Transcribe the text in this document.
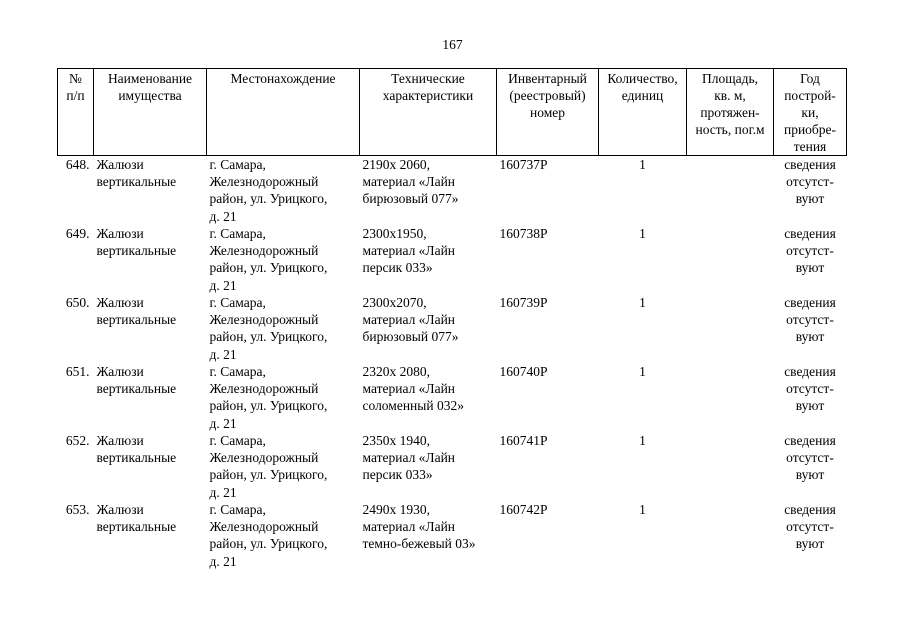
167
№
п/п	Наименование
имущества	Местонахождение	Технические
характеристики	Инвентарный
(реестровый)
номер	Количество,
единиц	Площадь,
кв. м,
протяжен-
ность, пог.м	Год
построй-
ки,
приобре-
тения

648.	Жалюзи
вертикальные	г. Самара,
Железнодорожный
район, ул. Урицкого,
д. 21	2190х 2060,
материал «Лайн
бирюзовый 077»	160737Р	1		сведения
отсутст-
вуют

649.	Жалюзи
вертикальные	г. Самара,
Железнодорожный
район, ул. Урицкого,
д. 21	2300х1950,
материал «Лайн
персик 033»	160738Р	1		сведения
отсутст-
вуют

650.	Жалюзи
вертикальные	г. Самара,
Железнодорожный
район, ул. Урицкого,
д. 21	2300х2070,
материал «Лайн
бирюзовый 077»	160739Р	1		сведения
отсутст-
вуют

651.	Жалюзи
вертикальные	г. Самара,
Железнодорожный
район, ул. Урицкого,
д. 21	2320х 2080,
материал «Лайн
соломенный 032»	160740Р	1		сведения
отсутст-
вуют

652.	Жалюзи
вертикальные	г. Самара,
Железнодорожный
район, ул. Урицкого,
д. 21	2350х 1940,
материал «Лайн
персик 033»	160741Р	1		сведения
отсутст-
вуют

653.	Жалюзи
вертикальные	г. Самара,
Железнодорожный
район, ул. Урицкого,
д. 21	2490х 1930,
материал «Лайн
темно-бежевый 03»	160742Р	1		сведения
отсутст-
вуют
